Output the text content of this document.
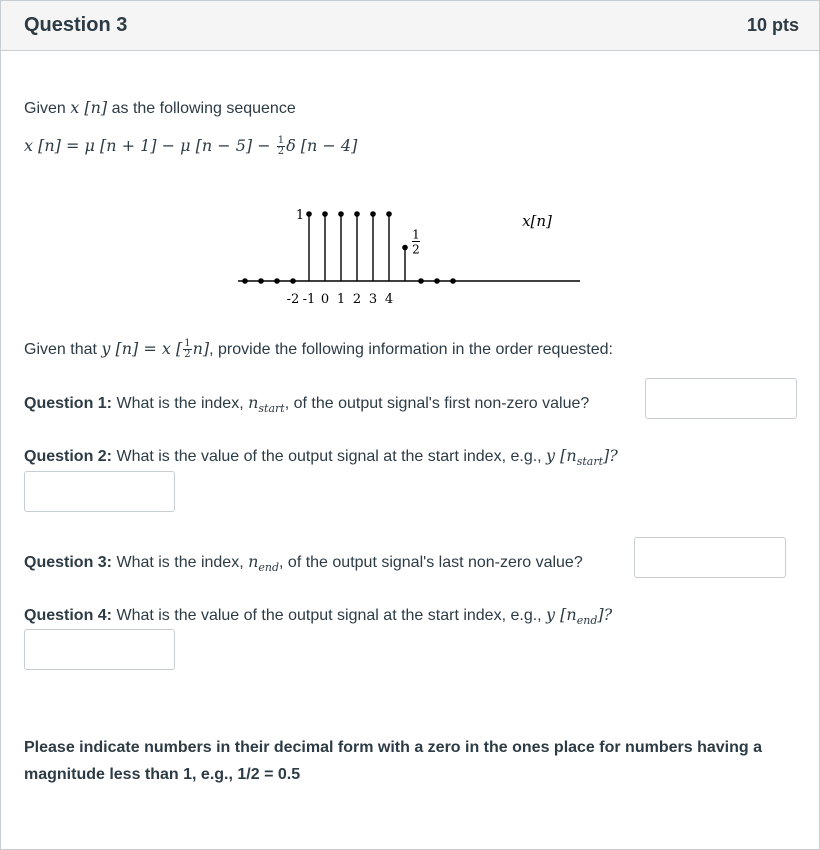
Question 3	10 pts
Given x [n] as the following sequence
x [n] = μ [n + 1] − μ $[n - 5] - \frac{1}{2}$ δ [n − 4]
-2 -1 0 1 2 3 4
1
1
2
x[n]
Given that y [n] = x [ $\frac{1}{2} n$], provide the following information in the order requested:
Question 1: What is the index, $n_{start}$, of the output signal's first non-zero value?
Question 2: What is the value of the output signal at the start index, e.g., y $[n_{start}]$?
Question 3: What is the index, $n_{end}$, of the output signal's last non-zero value?
Question 4: What is the value of the output signal at the start index, e.g., y $[n_{end}]$?
Please indicate numbers in their decimal form with a zero in the ones place for numbers having a magnitude less than 1, e.g., 1/2 = 0.5
